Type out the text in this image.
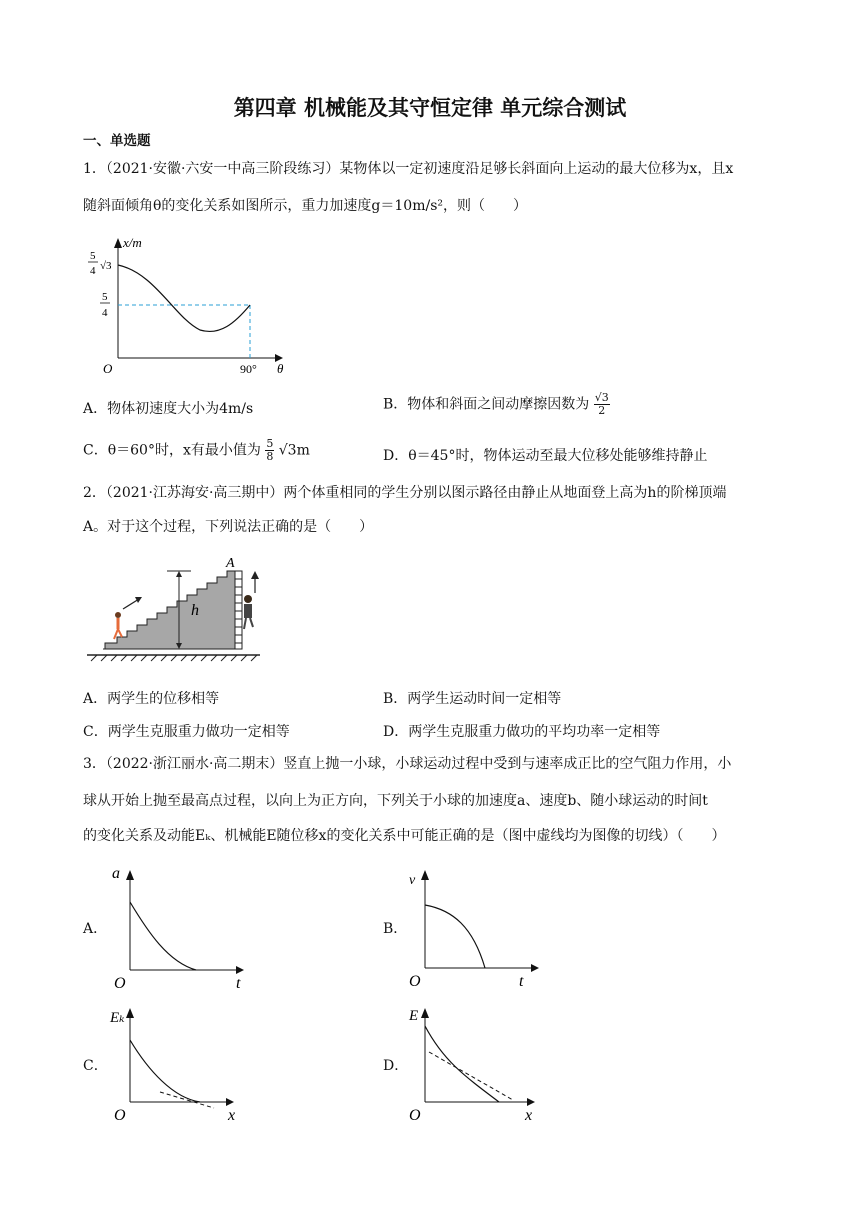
第四章 机械能及其守恒定律 单元综合测试
一、单选题
1．（2021·安徽·六安一中高三阶段练习）某物体以一定初速度沿足够长斜面向上运动的最大位移为x，且x
随斜面倾角θ的变化关系如图所示，重力加速度g＝10m/s²，则（　　）
x/m
θ
O
5
4 √3
5
4
90°
A．物体初速度大小为4m/s	B．物体和斜面之间动摩擦因数为 $\frac{√3}{2}$
C．θ＝60°时，x有最小值为 $\frac{5}{8} √3m$	D．θ＝45°时，物体运动至最大位移处能够维持静止
2．（2021·江苏海安·高三期中）两个体重相同的学生分别以图示路径由静止从地面登上高为h的阶梯顶端
A。对于这个过程，下列说法正确的是（　　）
h
A
A．两学生的位移相等	B．两学生运动时间一定相等
C．两学生克服重力做功一定相等	D．两学生克服重力做功的平均功率一定相等
3．（2022·浙江丽水·高二期末）竖直上抛一小球，小球运动过程中受到与速率成正比的空气阻力作用，小
球从开始上抛至最高点过程，以向上为正方向，下列关于小球的加速度a、速度b、随小球运动的时间t
的变化关系及动能Eₖ、机械能E随位移x的变化关系中可能正确的是（图中虚线均为图像的切线）（　　）
A．
a
t
O
B．
v
t
O
C．
Eₖ
x
O
D．
E
x
O
